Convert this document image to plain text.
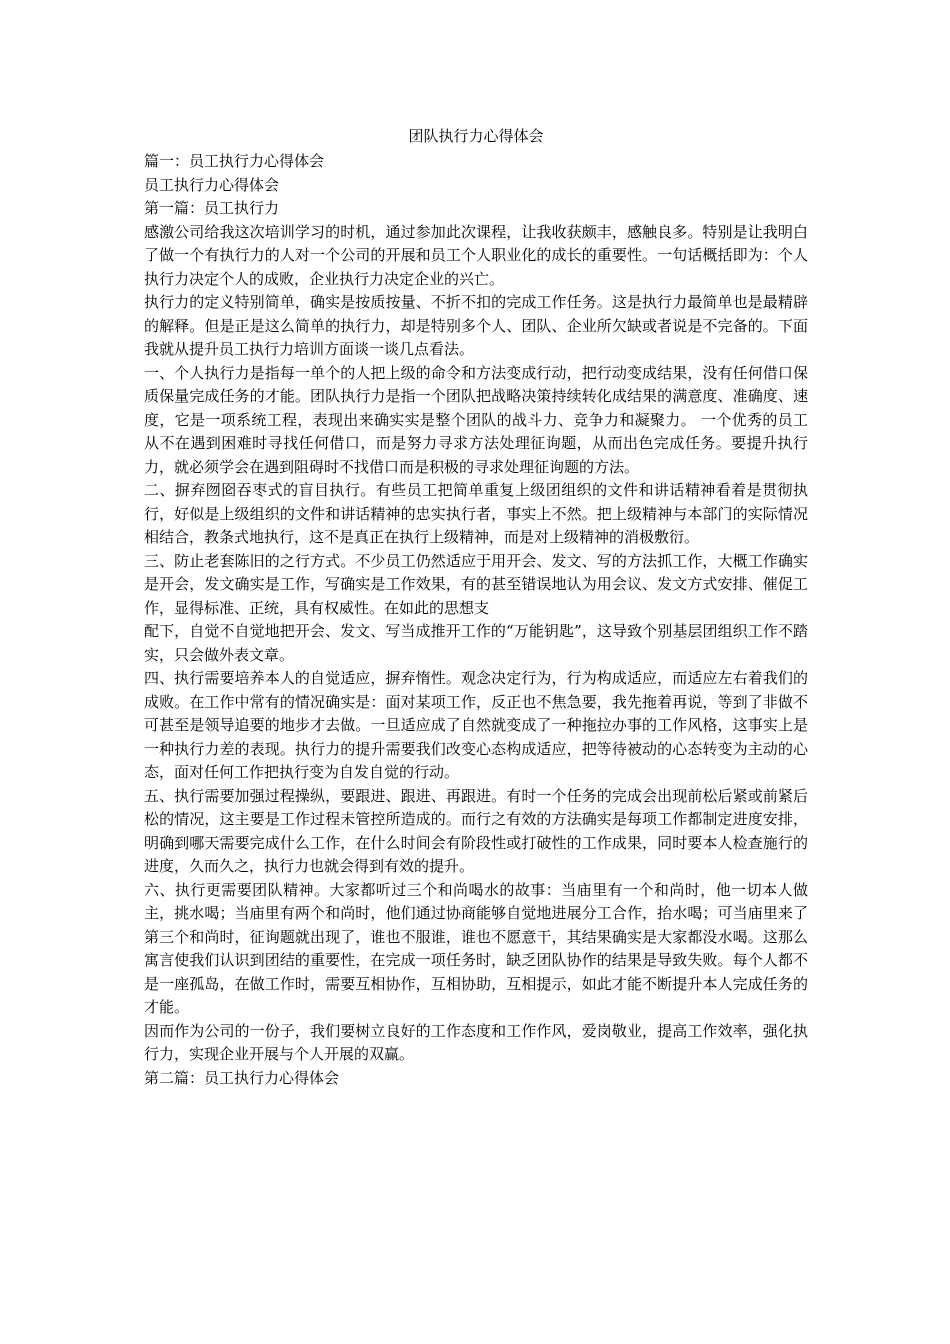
团队执行力心得体会
篇一：员工执行力心得体会
员工执行力心得体会
第一篇：员工执行力

感激公司给我这次培训学习的时机，通过参加此次课程，让我收获颇丰，感触良多。特别是让我明白了做一个有执行力的人对一个公司的开展和员工个人职业化的成长的重要性。一句话概括即为：个人执行力决定个人的成败，企业执行力决定企业的兴亡。

执行力的定义特别简单，确实是按质按量、不折不扣的完成工作任务。这是执行力最简单也是最精辟的解释。但是正是这么简单的执行力，却是特别多个人、团队、企业所欠缺或者说是不完备的。下面我就从提升员工执行力培训方面谈一谈几点看法。

一、个人执行力是指每一单个的人把上级的命令和方法变成行动，把行动变成结果，没有任何借口保质保量完成任务的才能。团队执行力是指一个团队把战略决策持续转化成结果的满意度、准确度、速度，它是一项系统工程，表现出来确实实是整个团队的战斗力、竞争力和凝聚力。 一个优秀的员工从不在遇到困难时寻找任何借口，而是努力寻求方法处理征询题，从而出色完成任务。要提升执行力，就必须学会在遇到阻碍时不找借口而是积极的寻求处理征询题的方法。

二、摒弃囫囵吞枣式的盲目执行。有些员工把简单重复上级团组织的文件和讲话精神看着是贯彻执行，好似是上级组织的文件和讲话精神的忠实执行者，事实上不然。把上级精神与本部门的实际情况相结合，教条式地执行，这不是真正在执行上级精神，而是对上级精神的消极敷衍。

三、防止老套陈旧的之行方式。不少员工仍然适应于用开会、发文、写的方法抓工作，大概工作确实是开会，发文确实是工作，写确实是工作效果，有的甚至错误地认为用会议、发文方式安排、催促工作，显得标准、正统，具有权威性。在如此的思想支

配下，自觉不自觉地把开会、发文、写当成推开工作的“万能钥匙”，这导致个别基层团组织工作不踏实，只会做外表文章。

四、执行需要培养本人的自觉适应，摒弃惰性。观念决定行为，行为构成适应，而适应左右着我们的成败。在工作中常有的情况确实是：面对某项工作，反正也不焦急要，我先拖着再说，等到了非做不可甚至是领导追要的地步才去做。一旦适应成了自然就变成了一种拖拉办事的工作风格，这事实上是一种执行力差的表现。执行力的提升需要我们改变心态构成适应，把等待被动的心态转变为主动的心态，面对任何工作把执行变为自发自觉的行动。

五、执行需要加强过程操纵，要跟进、跟进、再跟进。有时一个任务的完成会出现前松后紧或前紧后松的情况，这主要是工作过程未管控所造成的。而行之有效的方法确实是每项工作都制定进度安排，明确到哪天需要完成什么工作，在什么时间会有阶段性或打破性的工作成果，同时要本人检查施行的进度，久而久之，执行力也就会得到有效的提升。

六、执行更需要团队精神。大家都听过三个和尚喝水的故事：当庙里有一个和尚时，他一切本人做主，挑水喝；当庙里有两个和尚时，他们通过协商能够自觉地进展分工合作，抬水喝；可当庙里来了第三个和尚时，征询题就出现了，谁也不服谁，谁也不愿意干，其结果确实是大家都没水喝。这那么寓言使我们认识到团结的重要性，在完成一项任务时，缺乏团队协作的结果是导致失败。每个人都不是一座孤岛，在做工作时，需要互相协作，互相协助，互相提示，如此才能不断提升本人完成任务的才能。

因而作为公司的一份子，我们要树立良好的工作态度和工作作风，爱岗敬业，提高工作效率，强化执行力，实现企业开展与个人开展的双赢。

第二篇：员工执行力心得体会
